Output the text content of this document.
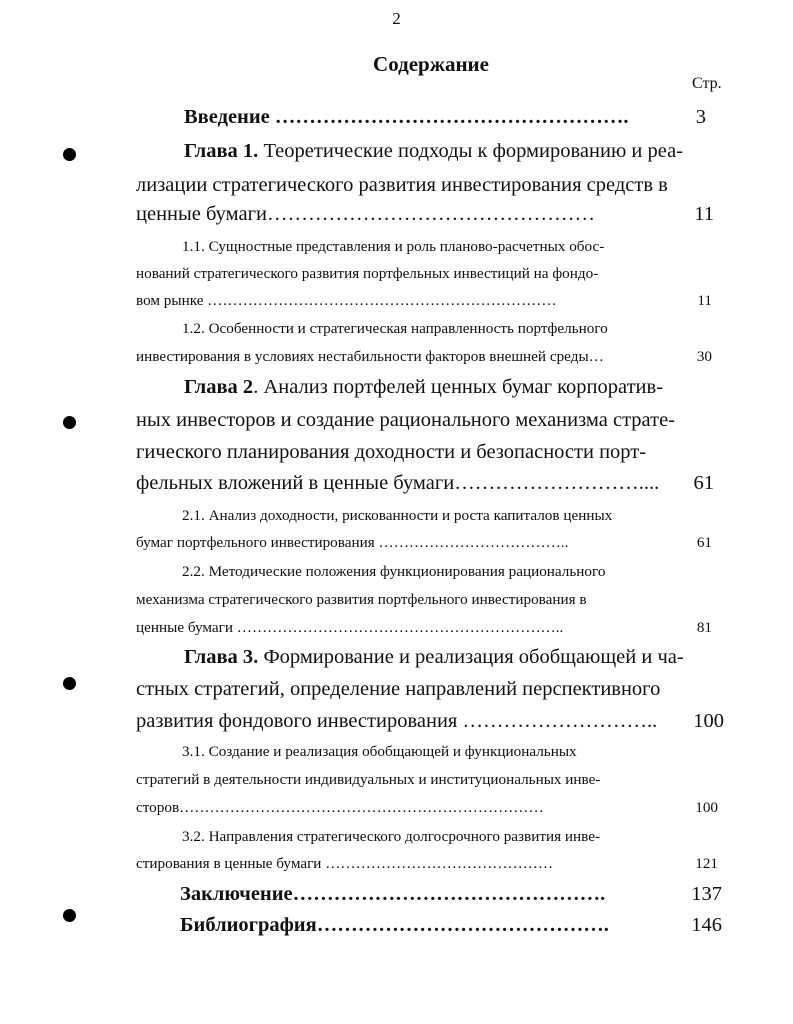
2
Содержание
Стр.
Введение …………………………………………….	3
Глава 1. Теоретические подходы к формированию и реа-
лизации стратегического развития инвестирования средств в
ценные бумаги…………………………………………	11
1.1. Сущностные представления и роль планово-расчетных обос-
нований стратегического развития портфельных инвестиций на фондо-
вом рынке ……………………………………………………………	11
1.2. Особенности и стратегическая направленность портфельного
инвестирования в условиях нестабильности факторов внешней среды…	30
Глава 2. Анализ портфелей ценных бумаг корпоратив-
ных инвесторов и создание рационального механизма страте-
гического планирования доходности и безопасности порт-
фельных вложений в ценные бумаги………………………....	61
2.1. Анализ доходности, рискованности и роста капиталов ценных
бумаг портфельного инвестирования ………………………………..	61
2.2. Методические положения функционирования рационального
механизма стратегического развития портфельного инвестирования в
ценные бумаги ………………………………………………………..	81
Глава 3. Формирование и реализация обобщающей и ча-
стных стратегий, определение направлений перспективного
развития фондового инвестирования ………………………..	100
3.1. Создание и реализация обобщающей и функциональных
стратегий в деятельности индивидуальных и институциональных инве-
сторов………………………………………………………………	100
3.2. Направления стратегического долгосрочного развития инве-
стирования в ценные бумаги ………………………………………	121
Заключение……………………………………….	137
Библиография…………………………………….	146
